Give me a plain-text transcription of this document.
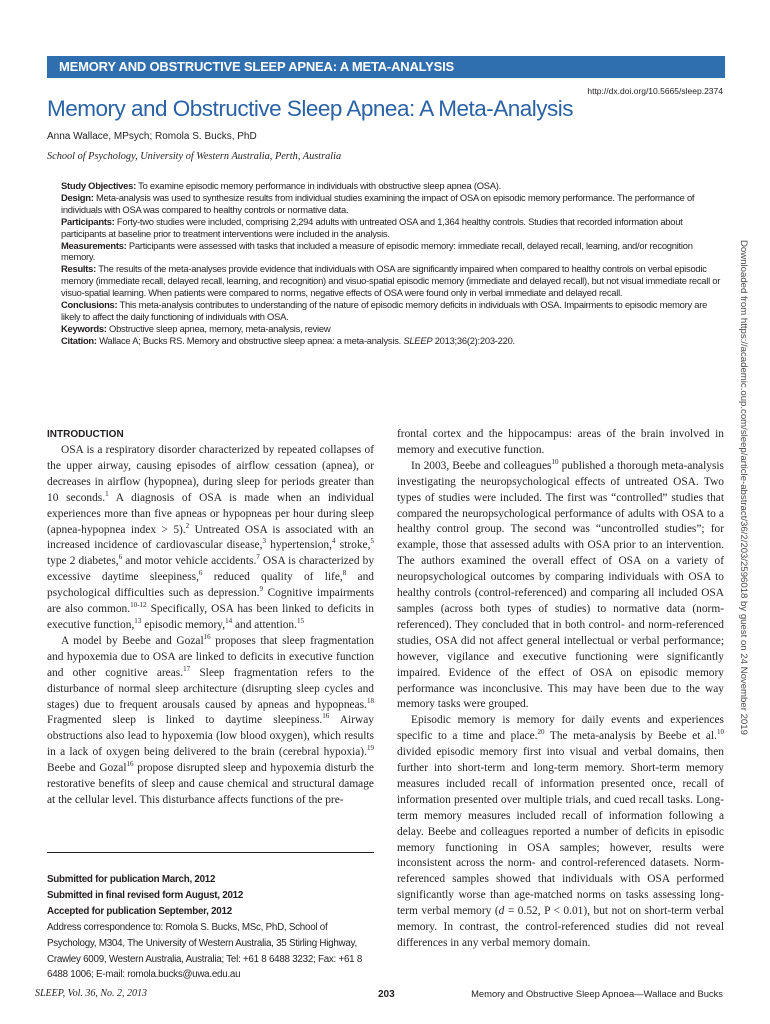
MEMORY AND OBSTRUCTIVE SLEEP APNEA: A META-ANALYSIS
http://dx.doi.org/10.5665/sleep.2374
Memory and Obstructive Sleep Apnea: A Meta-Analysis
Anna Wallace, MPsych; Romola S. Bucks, PhD
School of Psychology, University of Western Australia, Perth, Australia

Study Objectives: To examine episodic memory performance in individuals with obstructive sleep apnea (OSA).

Design: Meta-analysis was used to synthesize results from individual studies examining the impact of OSA on episodic memory performance. The performance of individuals with OSA was compared to healthy controls or normative data.

Participants: Forty-two studies were included, comprising 2,294 adults with untreated OSA and 1,364 healthy controls. Studies that recorded information about participants at baseline prior to treatment interventions were included in the analysis.

Measurements: Participants were assessed with tasks that included a measure of episodic memory: immediate recall, delayed recall, learning, and/or recognition memory.

Results: The results of the meta-analyses provide evidence that individuals with OSA are significantly impaired when compared to healthy controls on verbal episodic memory (immediate recall, delayed recall, learning, and recognition) and visuo-spatial episodic memory (immediate and delayed recall), but not visual immediate recall or visuo-spatial learning. When patients were compared to norms, negative effects of OSA were found only in verbal immediate and delayed recall.

Conclusions: This meta-analysis contributes to understanding of the nature of episodic memory deficits in individuals with OSA. Impairments to episodic memory are likely to affect the daily functioning of individuals with OSA.

Keywords: Obstructive sleep apnea, memory, meta-analysis, review

Citation: Wallace A; Bucks RS. Memory and obstructive sleep apnea: a meta-analysis. SLEEP 2013;36(2):203-220.

INTRODUCTION

OSA is a respiratory disorder characterized by repeated collapses of the upper airway, causing episodes of airflow cessation (apnea), or decreases in airflow (hypopnea), during sleep for periods greater than 10 seconds.$^1$ A diagnosis of OSA is made when an individual experiences more than five apneas or hypopneas per hour during sleep (apnea-hypopnea index > 5).$^2$ Untreated OSA is associated with an increased incidence of cardiovascular disease,$^3$ hypertension,$^4$ stroke,$^5$ type 2 diabetes,$^6$ and motor vehicle accidents.$^7$ OSA is characterized by excessive daytime sleepiness,$^6$ reduced quality of life,$^8$ and psychological difficulties such as depression.$^9$ Cognitive impairments are also common.$^{10-12}$ Specifically, OSA has been linked to deficits in executive function,$^{13}$ episodic memory,$^{14}$ and attention.$^{15}$

A model by Beebe and Gozal$^{16}$ proposes that sleep fragmentation and hypoxemia due to OSA are linked to deficits in executive function and other cognitive areas.$^{17}$ Sleep fragmentation refers to the disturbance of normal sleep architecture (disrupting sleep cycles and stages) due to frequent arousals caused by apneas and hypopneas.$^{18}$ Fragmented sleep is linked to daytime sleepiness.$^{16}$ Airway obstructions also lead to hypoxemia (low blood oxygen), which results in a lack of oxygen being delivered to the brain (cerebral hypoxia).$^{19}$ Beebe and Gozal$^{16}$ propose disrupted sleep and hypoxemia disturb the restorative benefits of sleep and cause chemical and structural damage at the cellular level. This disturbance affects functions of the pre-

frontal cortex and the hippocampus: areas of the brain involved in memory and executive function.

In 2003, Beebe and colleagues$^{10}$ published a thorough meta-analysis investigating the neuropsychological effects of untreated OSA. Two types of studies were included. The first was “controlled” studies that compared the neuropsychological performance of adults with OSA to a healthy control group. The second was “uncontrolled studies”; for example, those that assessed adults with OSA prior to an intervention. The authors examined the overall effect of OSA on a variety of neuropsychological outcomes by comparing individuals with OSA to healthy controls (control-referenced) and comparing all included OSA samples (across both types of studies) to normative data (norm-referenced). They concluded that in both control- and norm-referenced studies, OSA did not affect general intellectual or verbal performance; however, vigilance and executive functioning were significantly impaired. Evidence of the effect of OSA on episodic memory performance was inconclusive. This may have been due to the way memory tasks were grouped.

Episodic memory is memory for daily events and experiences specific to a time and place.$^{20}$ The meta-analysis by Beebe et al.$^{10}$ divided episodic memory first into visual and verbal domains, then further into short-term and long-term memory. Short-term memory measures included recall of information presented once, recall of information presented over multiple trials, and cued recall tasks. Long-term memory measures included recall of information following a delay. Beebe and colleagues reported a number of deficits in episodic memory functioning in OSA samples; however, results were inconsistent across the norm- and control-referenced datasets. Norm-referenced samples showed that individuals with OSA performed significantly worse than age-matched norms on tasks assessing long-term verbal memory (d = 0.52, P < 0.01), but not on short-term verbal memory. In contrast, the control-referenced studies did not reveal differences in any verbal memory domain.

Submitted for publication March, 2012
Submitted in final revised form August, 2012
Accepted for publication September, 2012
Address correspondence to: Romola S. Bucks, MSc, PhD, School of Psychology, M304, The University of Western Australia, 35 Stirling Highway, Crawley 6009, Western Australia, Australia; Tel: +61 8 6488 3232; Fax: +61 8 6488 1006; E-mail: romola.bucks@uwa.edu.au
SLEEP, Vol. 36, No. 2, 2013	203	Memory and Obstructive Sleep Apnoea—Wallace and Bucks
Downloaded from https://academic.oup.com/sleep/article-abstract/36/2/203/2596018 by guest on 24 November 2019
